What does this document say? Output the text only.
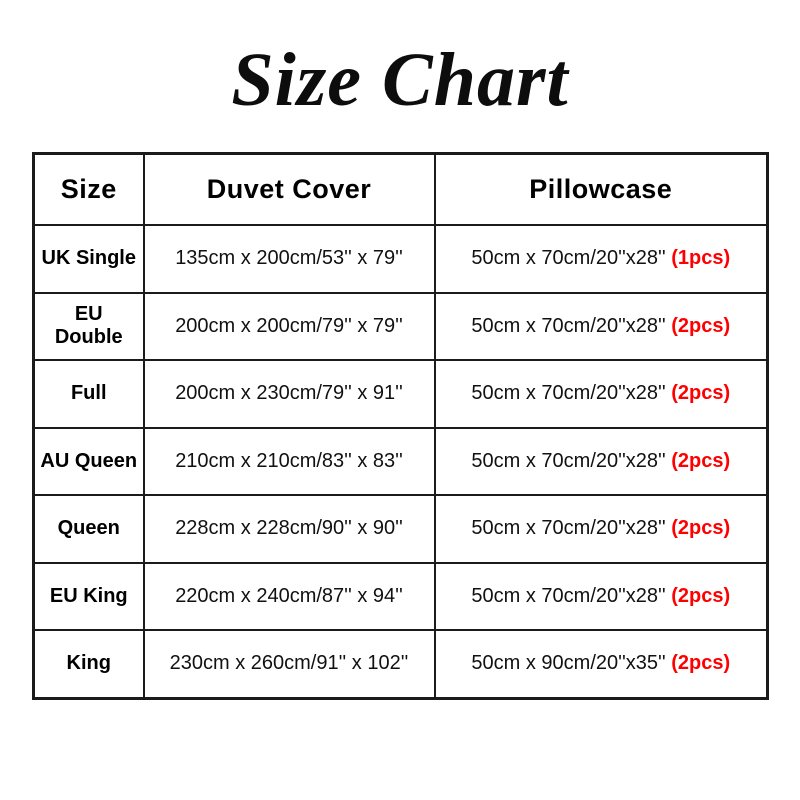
Size Chart
Size	Duvet Cover	Pillowcase
UK Single	135cm x 200cm/53'' x 79''	50cm x 70cm/20''x28'' (1pcs)
EU Double	200cm x 200cm/79'' x 79''	50cm x 70cm/20''x28'' (2pcs)
Full	200cm x 230cm/79'' x 91''	50cm x 70cm/20''x28'' (2pcs)
AU Queen	210cm x 210cm/83'' x 83''	50cm x 70cm/20''x28'' (2pcs)
Queen	228cm x 228cm/90'' x 90''	50cm x 70cm/20''x28'' (2pcs)
EU King	220cm x 240cm/87'' x 94''	50cm x 70cm/20''x28'' (2pcs)
King	230cm x 260cm/91'' x 102''	50cm x 90cm/20''x35'' (2pcs)
